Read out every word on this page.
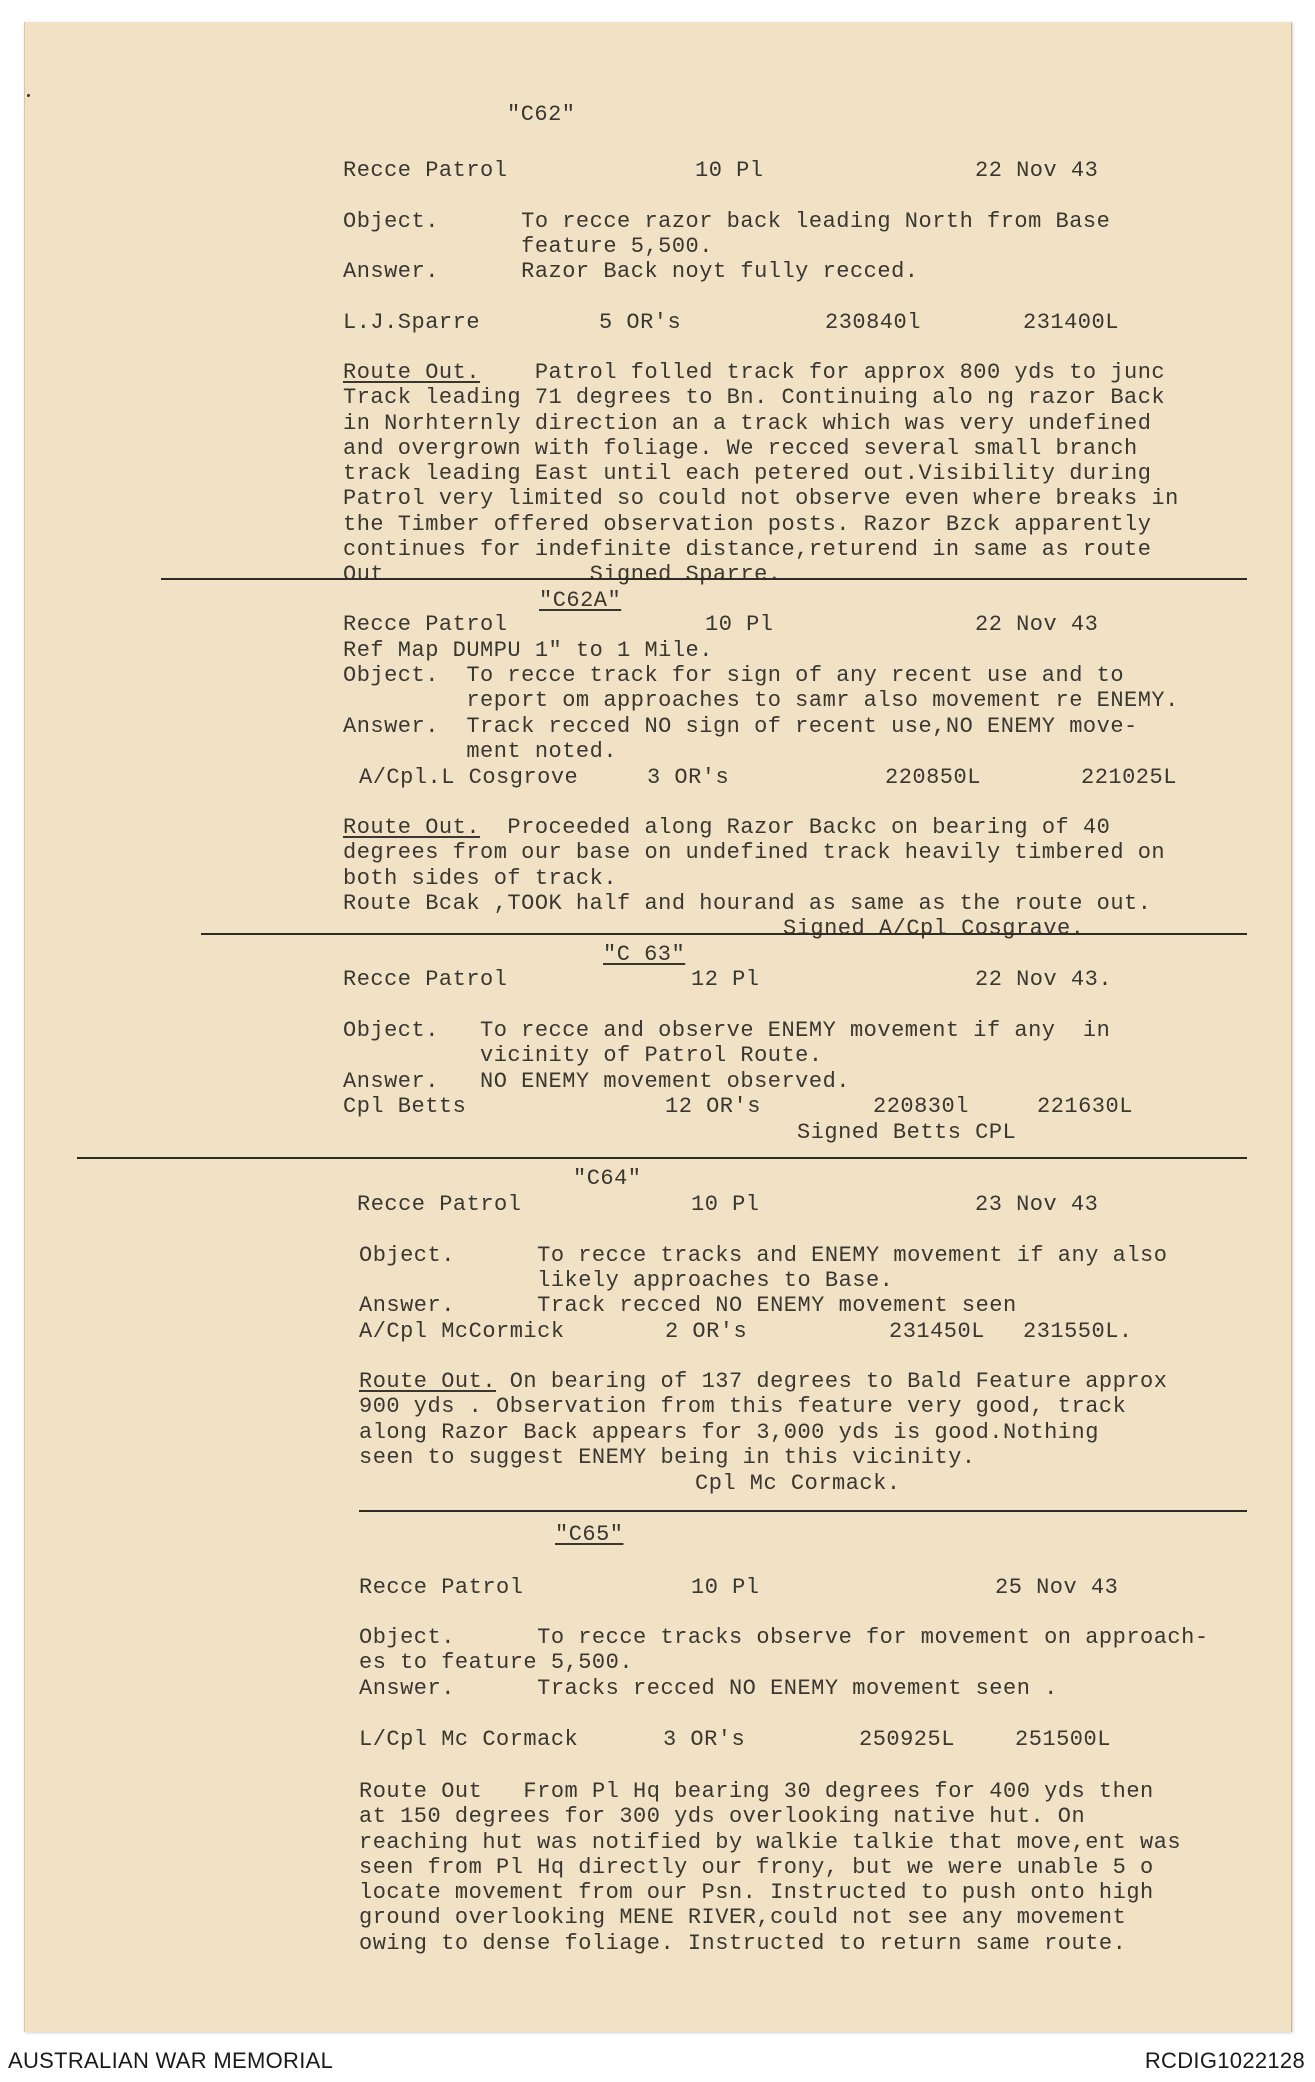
"C62"

Recce Patrol	10 Pl	22 Nov 43

Object.      To recce razor back leading North from Base
feature 5,500.

Answer.      Razor Back noyt fully recced.

L.J.Sparre	5 OR's	230840l	231400L

Route Out.    Patrol folled track for approx 800 yds to junc
Track leading 71 degrees to Bn. Continuing alo ng razor Back
in Norhternly direction an a track which was very undefined
and overgrown with foliage. We recced several small branch
track leading East until each petered out.Visibility during
Patrol very limited so could not observe even where breaks in
the Timber offered observation posts. Razor Bzck apparently
continues for indefinite distance,returend in same as route
Out               Signed Sparre.

"C62A"

Recce Patrol	10 Pl	22 Nov 43

Ref Map DUMPU 1" to 1 Mile.

Object.  To recce track for sign of any recent use and to
report om approaches to samr also movement re ENEMY.

Answer.  Track recced NO sign of recent use,NO ENEMY move-
ment noted.

A/Cpl.L Cosgrove	3 OR's	220850L	221025L

Route Out.  Proceeded along Razor Backc on bearing of 40
degrees from our base on undefined track heavily timbered on
both sides of track.
Route Bcak ,TOOK half and hourand as same as the route out.

Signed A/Cpl Cosgrave.

"C 63"

Recce Patrol	12 Pl	22 Nov 43.

Object.   To recce and observe ENEMY movement if any  in
vicinity of Patrol Route.

Answer.   NO ENEMY movement observed.

Cpl Betts	12 OR's	220830l	221630L

Signed Betts CPL

"C64"

Recce Patrol	10 Pl	23 Nov 43

Object.      To recce tracks and ENEMY movement if any also
likely approaches to Base.

Answer.      Track recced NO ENEMY movement seen

A/Cpl McCormick	2 OR's	231450L 231550L.

Route Out. On bearing of 137 degrees to Bald Feature approx
900 yds . Observation from this feature very good, track
along Razor Back appears for 3,000 yds is good.Nothing
seen to suggest ENEMY being in this vicinity.

Cpl Mc Cormack.

"C65"

Recce Patrol	10 Pl	25 Nov 43

Object.      To recce tracks observe for movement on approach-
es to feature 5,500.

Answer.      Tracks recced NO ENEMY movement seen .

L/Cpl Mc Cormack	3 OR's	250925L	251500L

Route Out   From Pl Hq bearing 30 degrees for 400 yds then
at 150 degrees for 300 yds overlooking native hut. On
reaching hut was notified by walkie talkie that move,ent was
seen from Pl Hq directly our frony, but we were unable 5 o
locate movement from our Psn. Instructed to push onto high
ground overlooking MENE RIVER,could not see any movement
owing to dense foliage. Instructed to return same route.

AUSTRALIAN WAR MEMORIAL	RCDIG1022128
